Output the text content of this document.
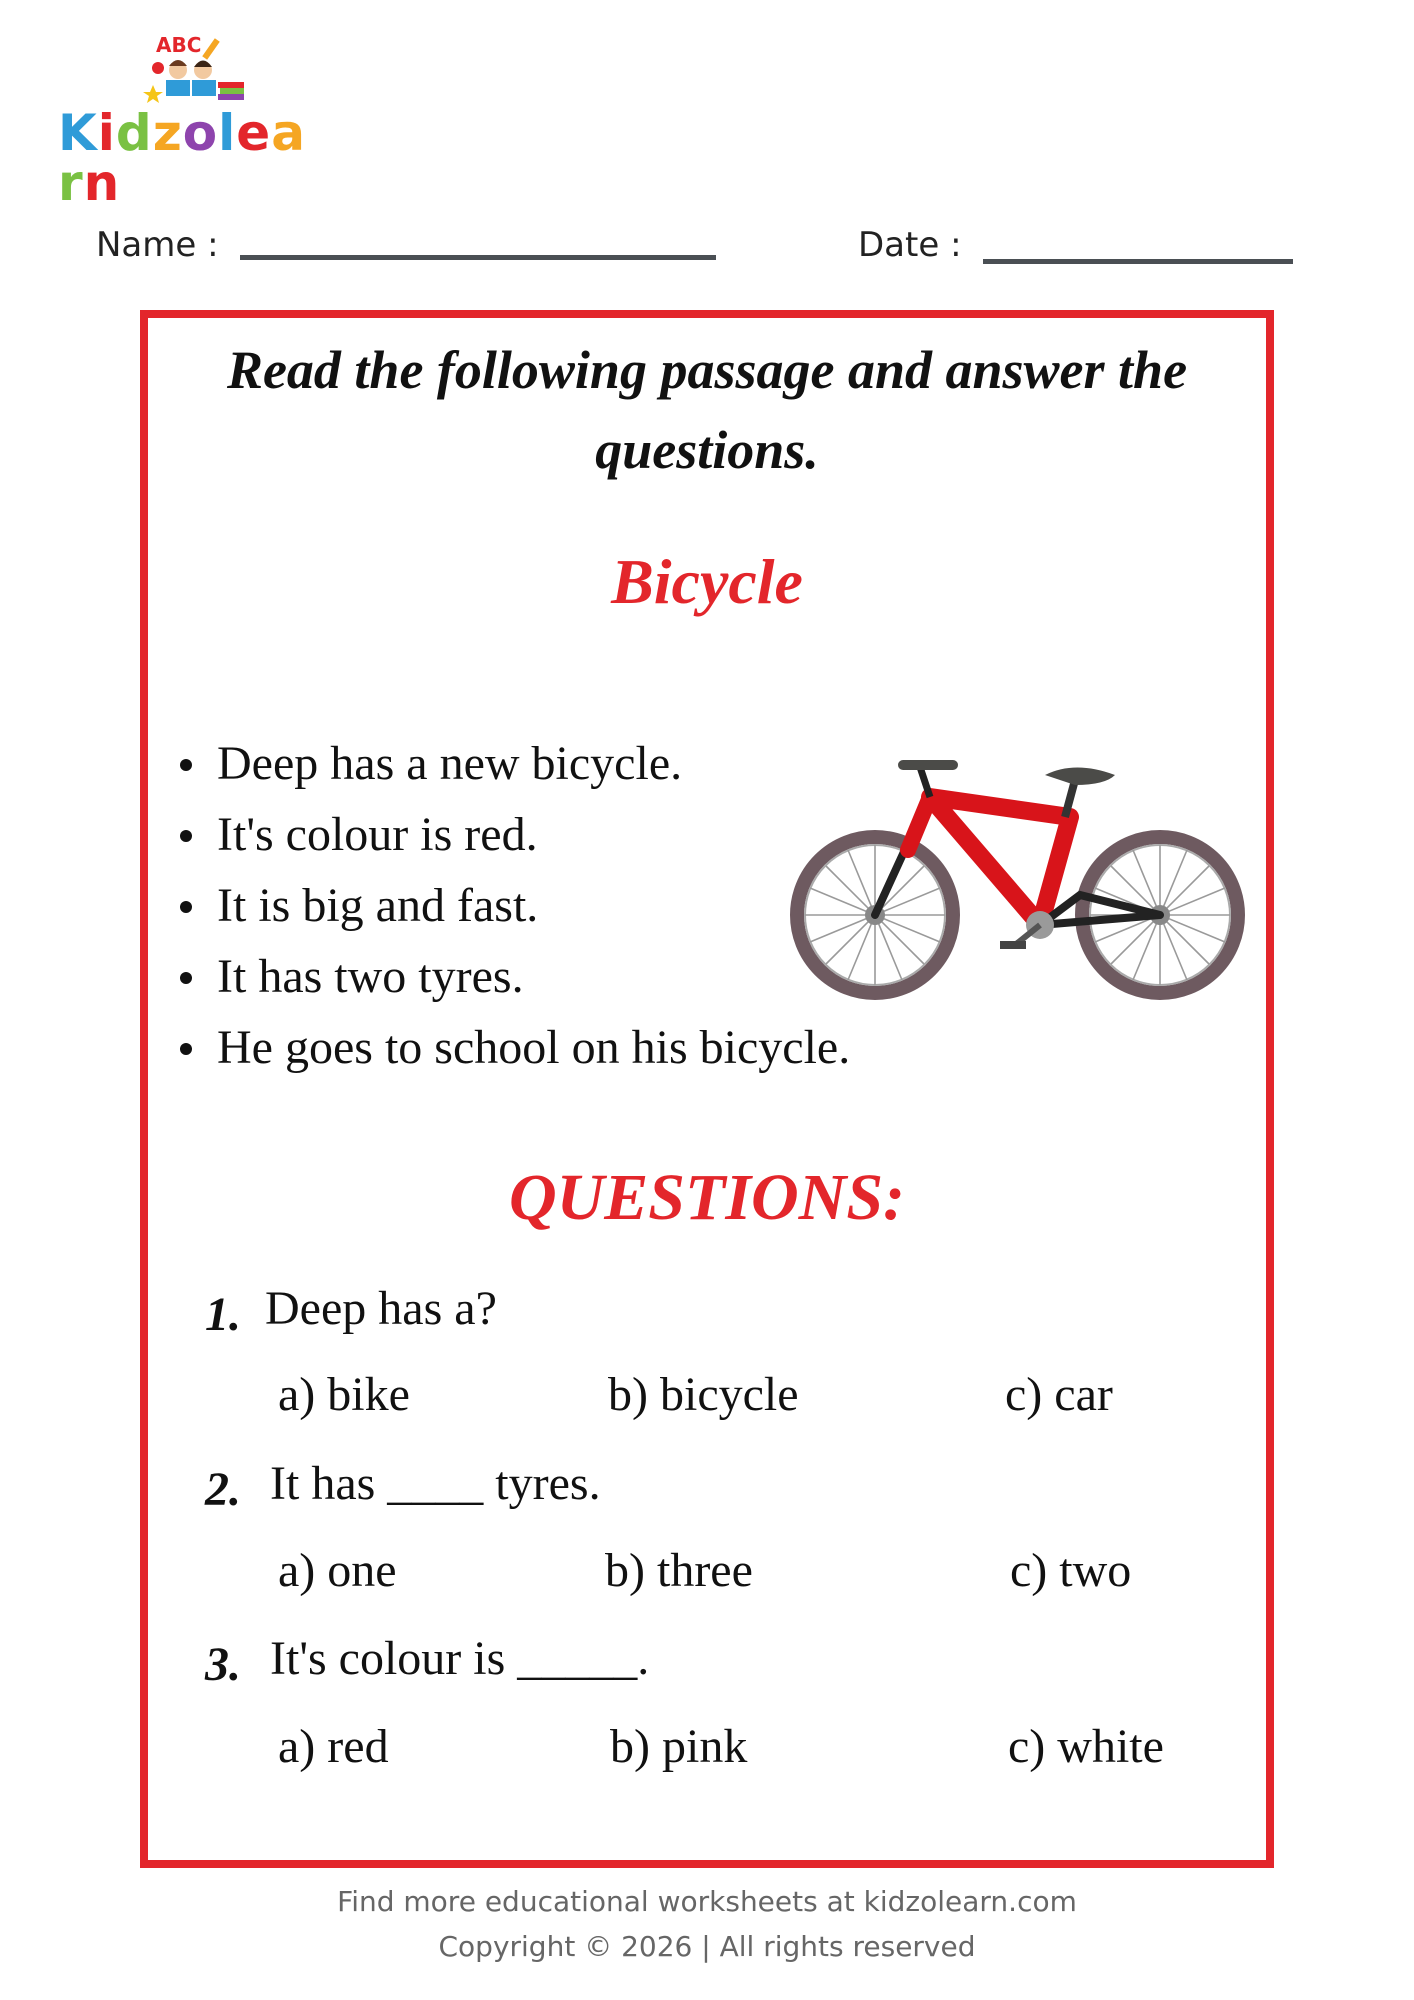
ABC
Kidzolearn
Name :	Date :
Read the following passage and answer the
questions.
Bicycle
Deep has a new bicycle.
It's colour is red.
It is big and fast.
It has two tyres.
He goes to school on his bicycle.
QUESTIONS:
1. Deep has a?
a) bike	b) bicycle	c) car
2. It has ____ tyres.
a) one	b) three	c) two
3. It's colour is _____.
a) red	b) pink	c) white
Find more educational worksheets at kidzolearn.com
Copyright © 2026 | All rights reserved
